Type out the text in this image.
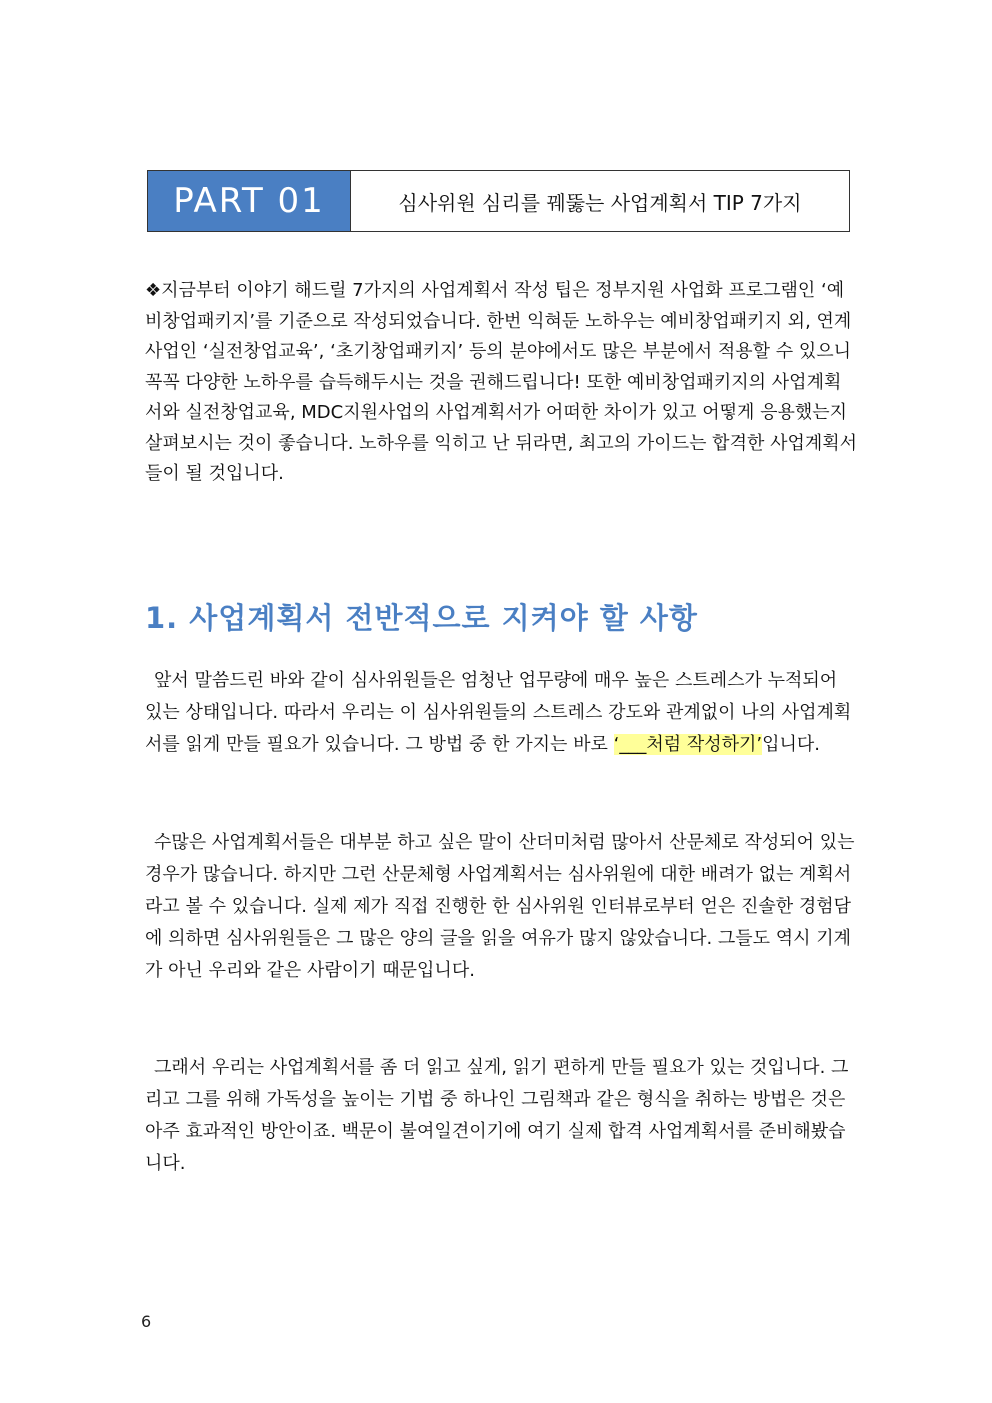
PART 01	심사위원 심리를 꿰뚫는 사업계획서 TIP 7가지

❖지금부터 이야기 해드릴 7가지의 사업계획서 작성 팁은 정부지원 사업화 프로그램인 ‘예비창업패키지’를 기준으로 작성되었습니다. 한번 익혀둔 노하우는 예비창업패키지 외, 연계 사업인 ‘실전창업교육’, ‘초기창업패키지’ 등의 분야에서도 많은 부분에서 적용할 수 있으니 꼭꼭 다양한 노하우를 습득해두시는 것을 권해드립니다! 또한 예비창업패키지의 사업계획서와 실전창업교육, MDC지원사업의 사업계획서가 어떠한 차이가 있고 어떻게 응용했는지 살펴보시는 것이 좋습니다. 노하우를 익히고 난 뒤라면, 최고의 가이드는 합격한 사업계획서들이 될 것입니다.

1. 사업계획서 전반적으로 지켜야 할 사항

앞서 말씀드린 바와 같이 심사위원들은 엄청난 업무량에 매우 높은 스트레스가 누적되어 있는 상태입니다. 따라서 우리는 이 심사위원들의 스트레스 강도와 관계없이 나의 사업계획서를 읽게 만들 필요가 있습니다. 그 방법 중 한 가지는 바로 ‘___처럼 작성하기’입니다.

수많은 사업계획서들은 대부분 하고 싶은 말이 산더미처럼 많아서 산문체로 작성되어 있는 경우가 많습니다. 하지만 그런 산문체형 사업계획서는 심사위원에 대한 배려가 없는 계획서라고 볼 수 있습니다. 실제 제가 직접 진행한 한 심사위원 인터뷰로부터 얻은 진솔한 경험담에 의하면 심사위원들은 그 많은 양의 글을 읽을 여유가 많지 않았습니다. 그들도 역시 기계가 아닌 우리와 같은 사람이기 때문입니다.

그래서 우리는 사업계획서를 좀 더 읽고 싶게, 읽기 편하게 만들 필요가 있는 것입니다. 그리고 그를 위해 가독성을 높이는 기법 중 하나인 그림책과 같은 형식을 취하는 방법은 것은 아주 효과적인 방안이죠. 백문이 불여일견이기에 여기 실제 합격 사업계획서를 준비해봤습니다.

6
